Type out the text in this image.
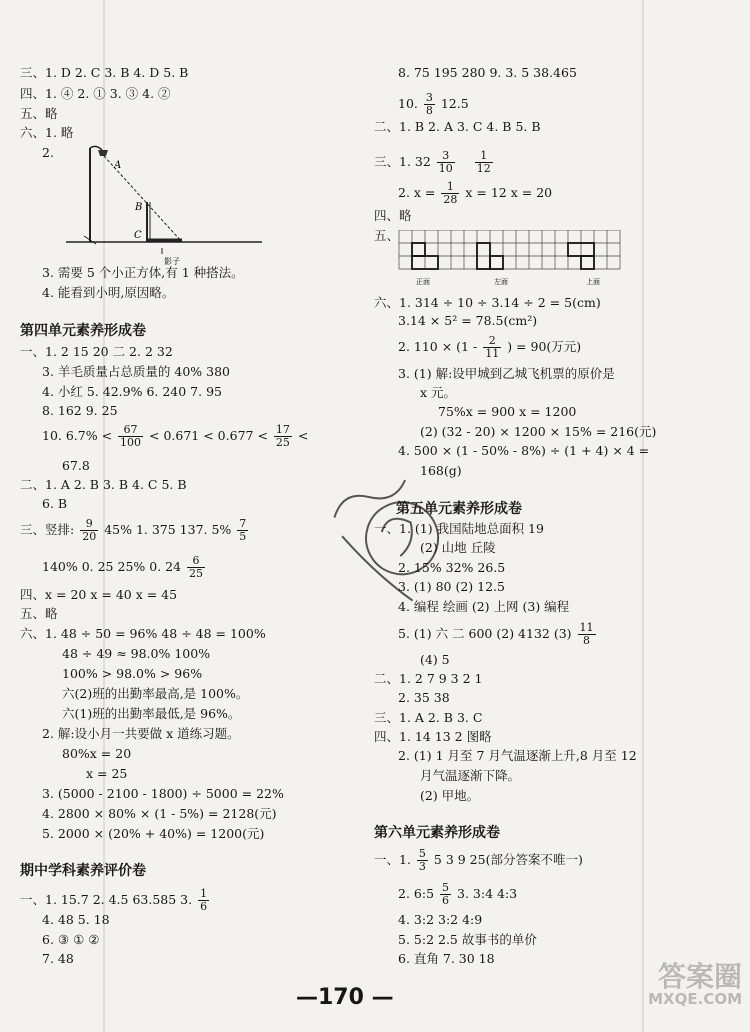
三、1. D 2. C 3. B 4. D 5. B
四、1. ④ 2. ① 3. ③ 4. ②
五、略
六、1. 略
2.
A
B
C
影子
3. 需要 5 个小正方体,有 1 种搭法。
4. 能看到小明,原因略。
第四单元素养形成卷
一、1. 2 15 20 二 2. 2 32
3. 羊毛质量占总质量的 40% 380
4. 小红 5. 42.9% 6. 240 7. 95
8. 162 9. 25
10. $6.7\% < \frac{67}{100} < 0.671 < 0.677 < \frac{17}{25}$ <
67.8
二、1. A 2. B 3. B 4. C 5. B
6. B
三、竖排: $\frac{9}{20} 45\%$ 1. 375 137. $5\% \frac{7}{5}$
140% 0. 25 25% 0. $24 \frac{6}{25}$
四、x = 20 x = 40 x = 45
五、略
六、1. 48 ÷ 50 = 96% 48 ÷ 48 = 100%
48 ÷ 49 ≈ 98.0% 100%
100% > 98.0% > 96%
六(2)班的出勤率最高,是 100%。
六(1)班的出勤率最低,是 96%。
2. 解:设小月一共要做 x 道练习题。
80%x = 20
x = 25
3. (5000 - 2100 - 1800) ÷ 5000 = 22%
4. 2800 × 80% × (1 - 5%) = 2128(元)
5. 2000 × (20% + 40%) = 1200(元)
期中学科素养评价卷
一、1. 15.7 2. 4.5 63.585 3. $\frac{1}{6}$
4. 48 5. 18
6. ③ ① ②
7. 48
8. 75 195 280 9. 3. 5 38.465
10. $\frac{3}{8} 12.5$
二、1. B 2. A 3. C 4. B 5. B
三、1. $32 \frac{3}{10}$
$\frac{1}{12}$
2. $x = \frac{1}{28}$ x = 12 x = 20
四、略
五、
正面	左面	上面
六、1. 314 ÷ 10 ÷ 3.14 ÷ 2 = 5(cm)
3.14 × 5² = 78.5(cm²)
2. $110 \times (1 - \frac{2}{11}$ ) = 90(万元)
3. (1) 解:设甲城到乙城飞机票的原价是
x 元。
75%x = 900 x = 1200
(2) (32 - 20) × 1200 × 15% = 216(元)
4. 500 × (1 - 50% - 8%) ÷ (1 + 4) × 4 =
168(g)
第五单元素养形成卷
一、1. (1) 我国陆地总面积 19
(2) 山地 丘陵
2. 15% 32% 26.5
3. (1) 80 (2) 12.5
4. 编程 绘画 (2) 上网 (3) 编程
5. (1) 六 二 600 (2) 4132 $(3) \frac{11}{8}$
(4) 5
二、1. 2 7 9 3 2 1
2. 35 38
三、1. A 2. B 3. C
四、1. 14 13 2 图略
2. (1) 1 月至 7 月气温逐渐上升,8 月至 12
月气温逐渐下降。
(2) 甲地。
第六单元素养形成卷
一、1. $\frac{5}{3} 5$ 3 9 25(部分答案不唯一)
2. 6:5 $\frac{5}{6} 3$. 3:4 4:3
4. 3:2 3:2 4:9
5. 5:2 2.5 故事书的单价
6. 直角 7. 30 18
—170 —
答案圈
MXQE.COM
